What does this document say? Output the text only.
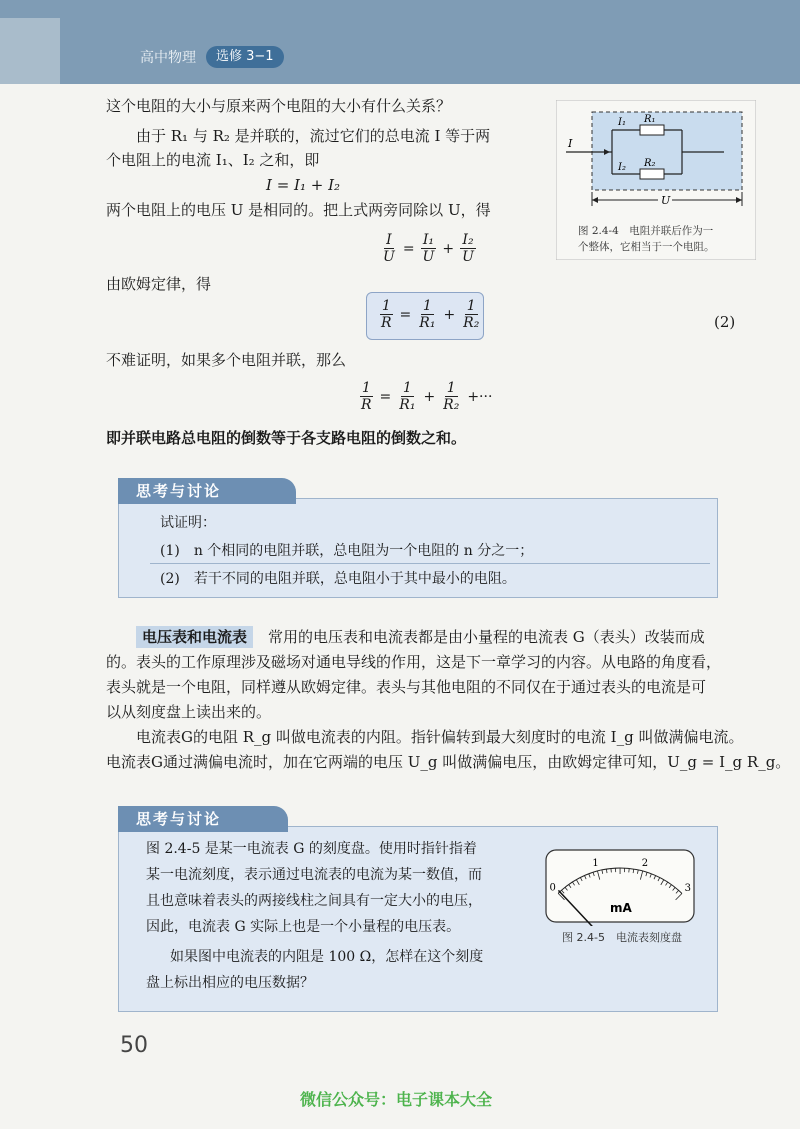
高中物理	选修 3−1
这个电阻的大小与原来两个电阻的大小有什么关系？
由于 R₁ 与 R₂ 是并联的，流过它们的总电流 I 等于两
个电阻上的电流 I₁、I₂ 之和，即
I = I₁ + I₂
两个电阻上的电压 U 是相同的。把上式两旁同除以 U，得
$\frac{I}{U} = \frac{\text{I₁}}{U} + \frac{\text{I₂}}{U}$
由欧姆定律，得
$\frac{1}{R} = \frac{1}{\text{R₁}} + \frac{1}{\text{R₂}}$	(2)
不难证明，如果多个电阻并联，那么
$\frac{1}{R} = \frac{1}{\text{R₁}} + \frac{1}{\text{R₂}}$ +···
即并联电路总电阻的倒数等于各支路电阻的倒数之和。
I
I₁ R₁
I₂ R₂
U
图 2.4-4　电阻并联后作为一
个整体，它相当于一个电阻。
思考与讨论
试证明：
(1)　n 个相同的电阻并联，总电阻为一个电阻的 n 分之一；
(2)　若干不同的电阻并联，总电阻小于其中最小的电阻。
电压表和电流表	常用的电压表和电流表都是由小量程的电流表 G（表头）改装而成
的。表头的工作原理涉及磁场对通电导线的作用，这是下一章学习的内容。从电路的角度看，
表头就是一个电阻，同样遵从欧姆定律。表头与其他电阻的不同仅在于通过表头的电流是可
以从刻度盘上读出来的。
电流表G的电阻 R_g 叫做电流表的内阻。指针偏转到最大刻度时的电流 I_g 叫做满偏电流。
电流表G通过满偏电流时，加在它两端的电压 U_g 叫做满偏电压，由欧姆定律可知，U_g = I_g R_g。
思考与讨论
图 2.4-5 是某一电流表 G 的刻度盘。使用时指针指着
某一电流刻度，表示通过电流表的电流为某一数值，而
且也意味着表头的两接线柱之间具有一定大小的电压，
因此，电流表 G 实际上也是一个小量程的电压表。
如果图中电流表的内阻是 100 Ω，怎样在这个刻度
盘上标出相应的电压数据？
0
1	2
3
mA
图 2.4-5　电流表刻度盘
50
微信公众号：电子课本大全
